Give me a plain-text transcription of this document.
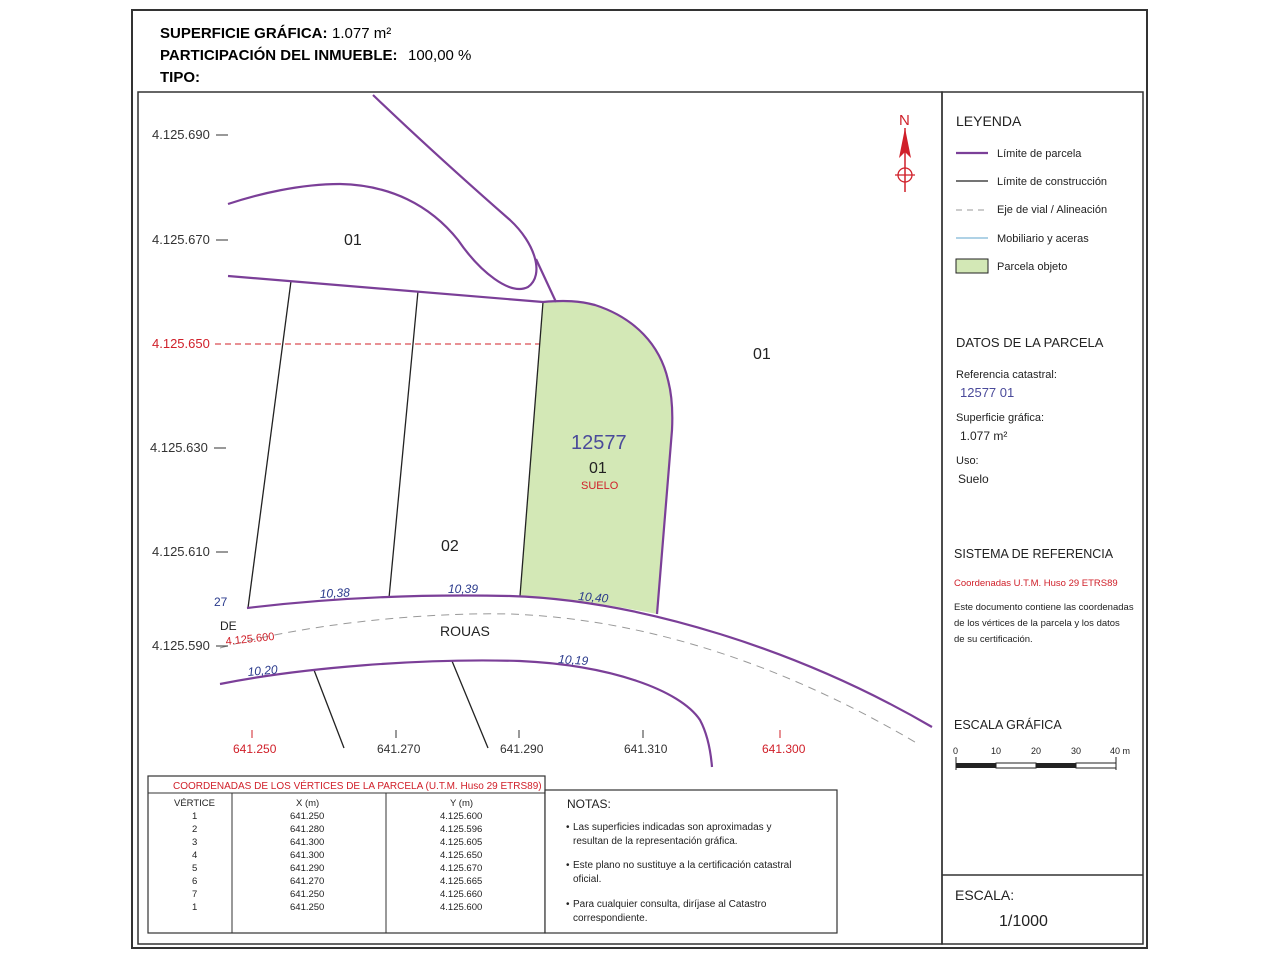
SUPERFICIE GRÁFICA: 1.077 m²
PARTICIPACIÓN DEL INMUEBLE: 100,00 %
TIPO:
N
4.125.690
4.125.670
4.125.650
4.125.630
4.125.610
4.125.590
641.250	641.270	641.290	641.310	641.300
01
01
02
12577
01
SUELO
27
DE
4.125.600	ROUAS
10,38	10,39
10,40
10,20
10,19
LEYENDA
Límite de parcela
Límite de construcción
Eje de vial / Alineación
Mobiliario y aceras
Parcela objeto
DATOS DE LA PARCELA
Referencia catastral:
12577 01
Superficie gráfica:
1.077 m²
Uso:
Suelo
SISTEMA DE REFERENCIA
Coordenadas U.T.M. Huso 29 ETRS89
Este documento contiene las coordenadas
de los vértices de la parcela y los datos
de su certificación.
ESCALA GRÁFICA
0	10	20	30	40 m
ESCALA:
1/1000
COORDENADAS DE LOS VÉRTICES DE LA PARCELA (U.T.M. Huso 29 ETRS89)
VÉRTICE	X (m)	Y (m)
1	641.250	4.125.600
2	641.280	4.125.596
3	641.300	4.125.605
4	641.300	4.125.650
5	641.290	4.125.670
6	641.270	4.125.665
7	641.250	4.125.660
1	641.250	4.125.600
NOTAS:
• Las superficies indicadas son aproximadas y
resultan de la representación gráfica.
• Este plano no sustituye a la certificación catastral
oficial.
• Para cualquier consulta, diríjase al Catastro
correspondiente.
